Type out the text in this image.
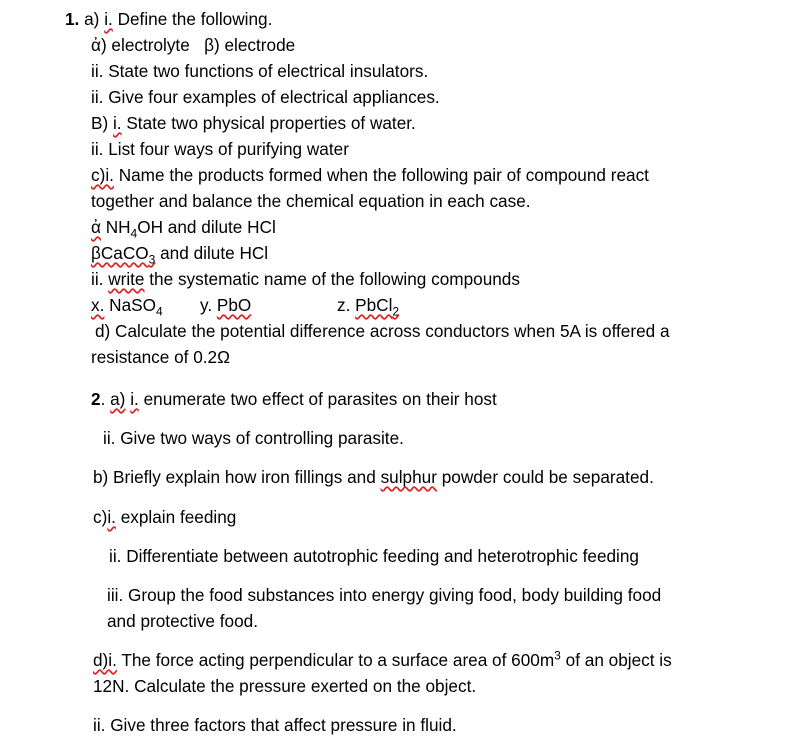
1. a) i. Define the following.
ἀ) electrolyte β) electrode
ii. State two functions of electrical insulators.
ii. Give four examples of electrical appliances.
B) i. State two physical properties of water.
ii. List four ways of purifying water
c)i. Name the products formed when the following pair of compound react
together and balance the chemical equation in each case.
ἀ $NH_4OH$ and dilute HCl
βCaCO$_3$ and dilute HCl
ii. write the systematic name of the following compounds
x. NaSO$_4$ y. PbO	z. PbCl$_2$
d) Calculate the potential difference across conductors when 5A is offered a
resistance of 0.2Ω
2. a) i. enumerate two effect of parasites on their host
ii. Give two ways of controlling parasite.
b) Briefly explain how iron fillings and sulphur powder could be separated.
c)i. explain feeding
ii. Differentiate between autotrophic feeding and heterotrophic feeding
iii. Group the food substances into energy giving food, body building food
and protective food.
d)i. The force acting perpendicular to a surface area of $600m^3$ of an object is
12N. Calculate the pressure exerted on the object.
ii. Give three factors that affect pressure in fluid.
